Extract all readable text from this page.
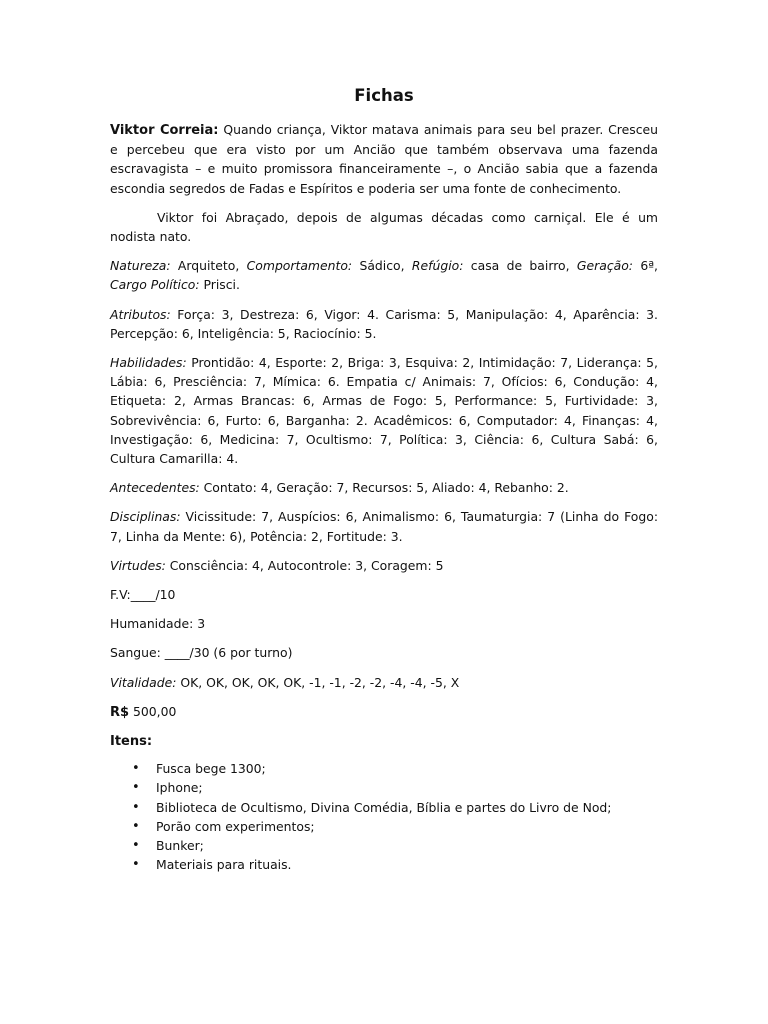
Fichas

Viktor Correia: Quando criança, Viktor matava animais para seu bel prazer. Cresceu e percebeu que era visto por um Ancião que também observava uma fazenda escravagista – e muito promissora financeiramente –, o Ancião sabia que a fazenda escondia segredos de Fadas e Espíritos e poderia ser uma fonte de conhecimento.

Viktor foi Abraçado, depois de algumas décadas como carniçal. Ele é um nodista nato.

Natureza: Arquiteto, Comportamento: Sádico, Refúgio: casa de bairro, Geração: 6ª, Cargo Político: Prisci.

Atributos: Força: 3, Destreza: 6, Vigor: 4. Carisma: 5, Manipulação: 4, Aparência: 3. Percepção: 6, Inteligência: 5, Raciocínio: 5.

Habilidades: Prontidão: 4, Esporte: 2, Briga: 3, Esquiva: 2, Intimidação: 7, Liderança: 5, Lábia: 6, Presciência: 7, Mímica: 6. Empatia c/ Animais: 7, Ofícios: 6, Condução: 4, Etiqueta: 2, Armas Brancas: 6, Armas de Fogo: 5, Performance: 5, Furtividade: 3, Sobrevivência: 6, Furto: 6, Barganha: 2. Acadêmicos: 6, Computador: 4, Finanças: 4, Investigação: 6, Medicina: 7, Ocultismo: 7, Política: 3, Ciência: 6, Cultura Sabá: 6, Cultura Camarilla: 4.

Antecedentes: Contato: 4, Geração: 7, Recursos: 5, Aliado: 4, Rebanho: 2.

Disciplinas: Vicissitude: 7, Auspícios: 6, Animalismo: 6, Taumaturgia: 7 (Linha do Fogo: 7, Linha da Mente: 6), Potência: 2, Fortitude: 3.

Virtudes: Consciência: 4, Autocontrole: 3, Coragem: 5

F.V:____/10

Humanidade: 3

Sangue: ____/30 (6 por turno)

Vitalidade: OK, OK, OK, OK, OK, -1, -1, -2, -2, -4, -4, -5, X

R$ 500,00

Itens:
• Fusca bege 1300;
• Iphone;
• Biblioteca de Ocultismo, Divina Comédia, Bíblia e partes do Livro de Nod;
• Porão com experimentos;
• Bunker;
• Materiais para rituais.
